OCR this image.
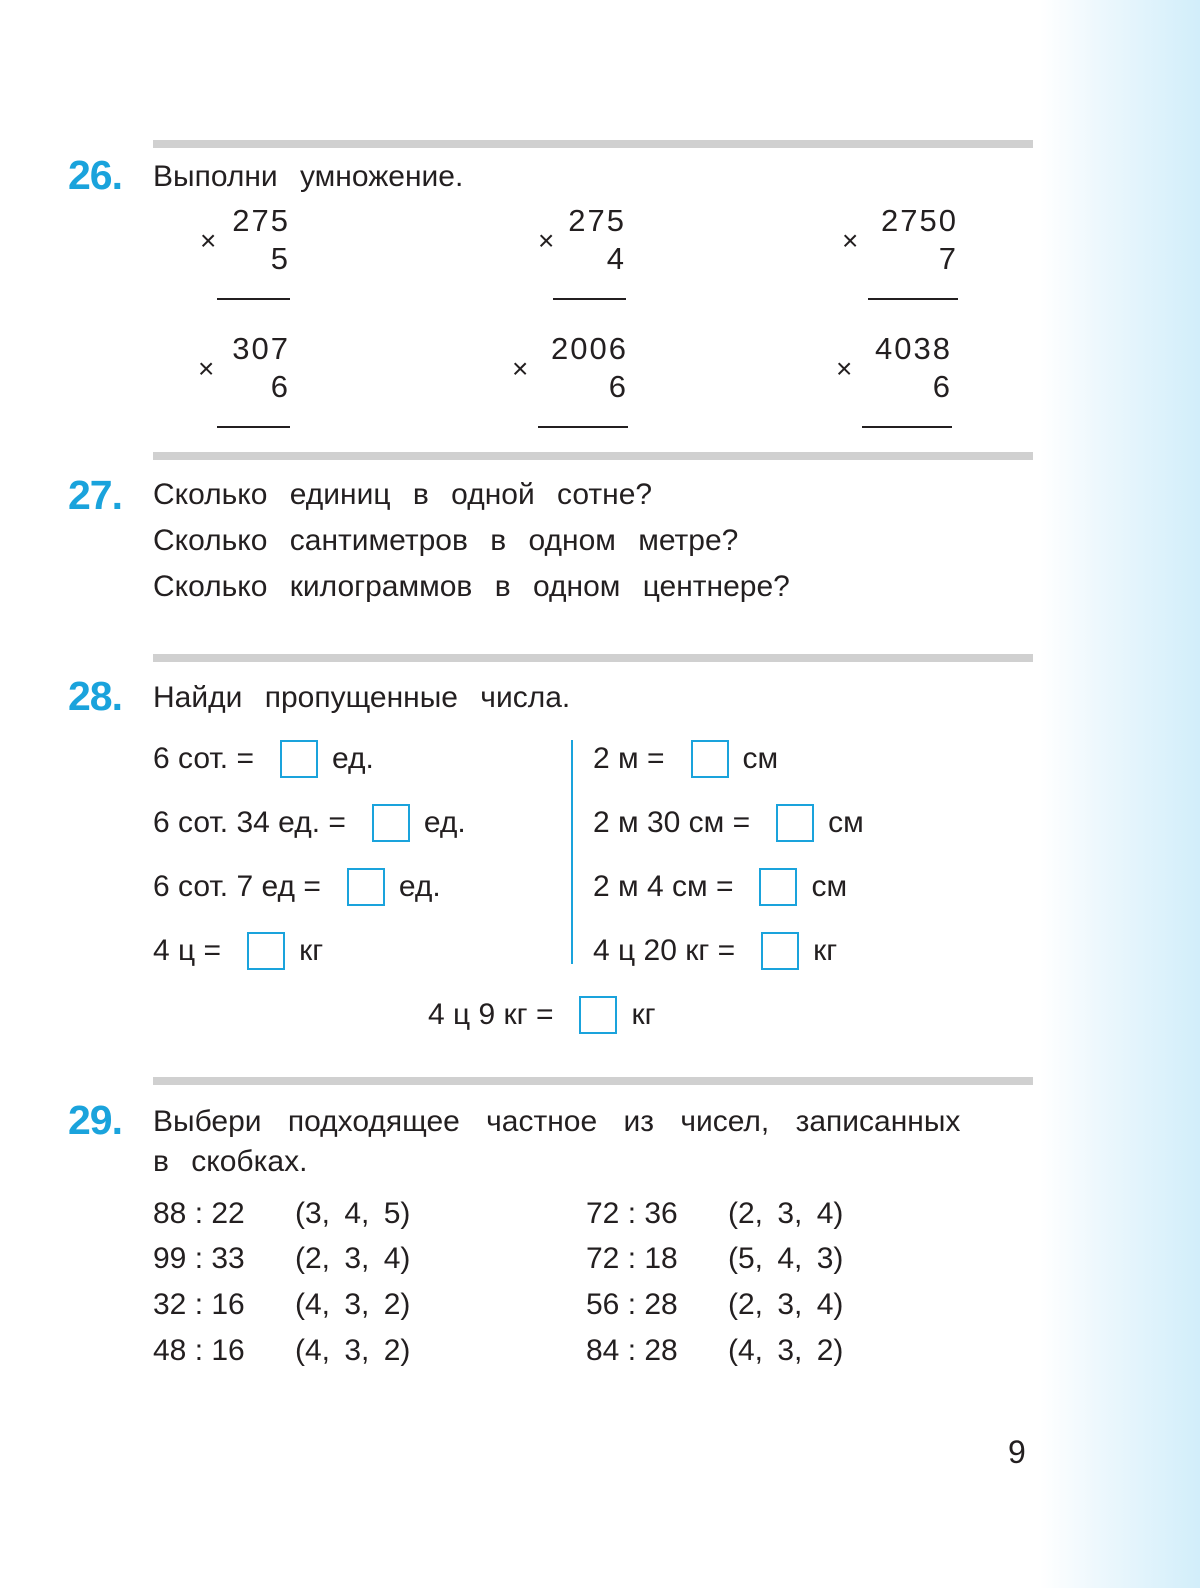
26. Выполни умножение.
275
×
5
275
×
4
2750
×
7
307
×
6
2006
×
6
4038
×
6
27. Сколько единиц в одной сотне?
Сколько сантиметров в одном метре?
Сколько килограммов в одном центнере?
28. Найди пропущенные числа.
6 сот. =	ед.
6 сот. 34 ед. =	ед.
6 сот. 7 ед =	ед.
4 ц =	кг
2 м =	см
2 м 30 см =	см
2 м 4 см =	см
4 ц 20 кг =	кг
4 ц 9 кг =	кг
29. Выбери подходящее частное из чисел, записанных
в скобках.
88 : 22 (3, 4, 5)
99 : 33 (2, 3, 4)
32 : 16 (4, 3, 2)
48 : 16 (4, 3, 2)
72 : 36 (2, 3, 4)
72 : 18 (5, 4, 3)
56 : 28 (2, 3, 4)
84 : 28 (4, 3, 2)
9
